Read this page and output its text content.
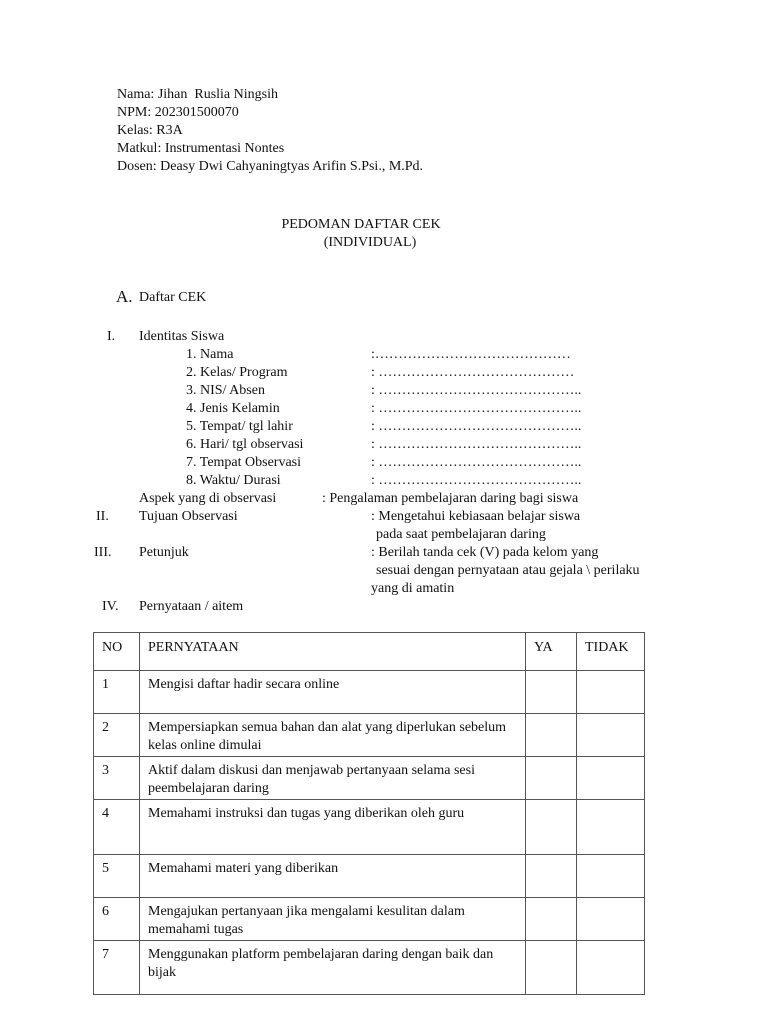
Nama: Jihan  Ruslia Ningsih
NPM: 202301500070
Kelas: R3A
Matkul: Instrumentasi Nontes
Dosen: Deasy Dwi Cahyaningtyas Arifin S.Psi., M.Pd.
PEDOMAN DAFTAR CEK
(INDIVIDUAL)
A. Daftar CEK
I. Identitas Siswa
1. Nama	:……………………………………
2. Kelas/ Program	: ……………………………………
3. NIS/ Absen	: ……………………………………..
4. Jenis Kelamin	: ……………………………………..
5. Tempat/ tgl lahir	: ……………………………………..
6. Hari/ tgl observasi	: ……………………………………..
7. Tempat Observasi	: ……………………………………..
8. Waktu/ Durasi	: ……………………………………..
Aspek yang di observasi	: Pengalaman pembelajaran daring bagi siswa
II. Tujuan Observasi	: Mengetahui kebiasaan belajar siswa
pada saat pembelajaran daring
III. Petunjuk	: Berilah tanda cek (V) pada kelom yang
sesuai dengan pernyataan atau gejala \ perilaku
yang di amatin
IV. Pernyataan / aitem
NO	PERNYATAAN	YA	TIDAK
1	Mengisi daftar hadir secara online		
2	Mempersiapkan semua bahan dan alat yang diperlukan sebelum kelas online dimulai		
3	Aktif dalam diskusi dan menjawab pertanyaan selama sesi peembelajaran daring		
4	Memahami instruksi dan tugas yang diberikan oleh guru		
5	Memahami materi yang diberikan		
6	Mengajukan pertanyaan jika mengalami kesulitan dalam memahami tugas		
7	Menggunakan platform pembelajaran daring dengan baik dan bijak		
